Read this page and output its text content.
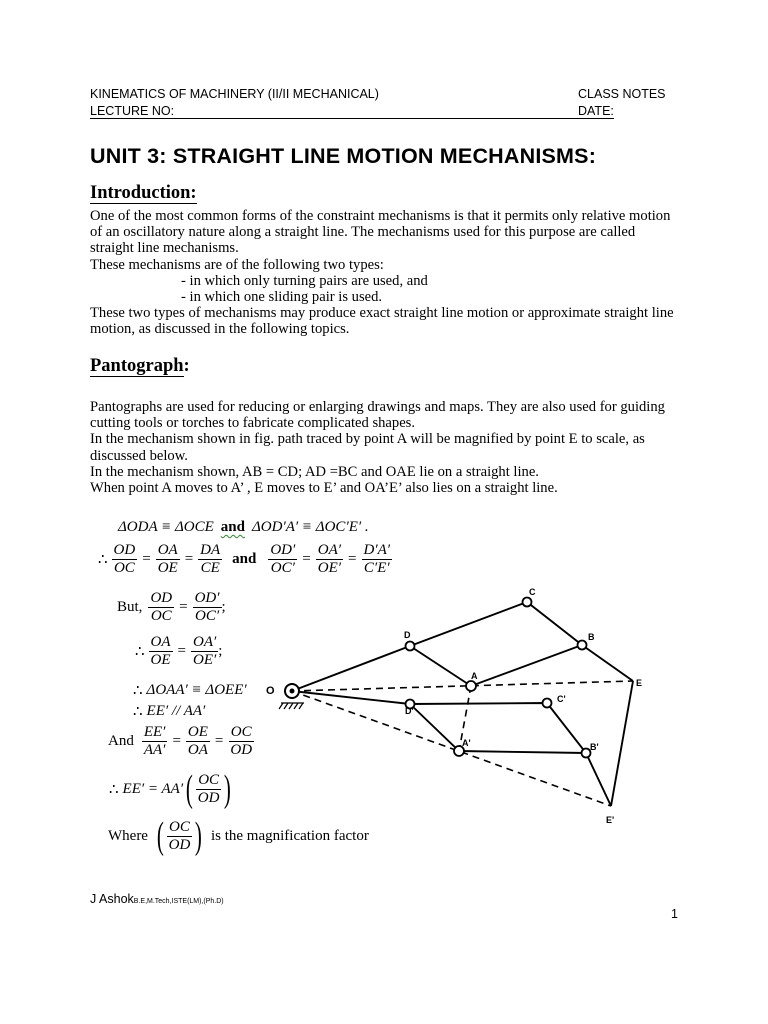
KINEMATICS OF MACHINERY (II/II MECHANICAL)	CLASS NOTES
LECTURE NO:	DATE:
UNIT 3: STRAIGHT LINE MOTION MECHANISMS:
Introduction:

One of the most common forms of the constraint mechanisms is that it permits only relative motion of an oscillatory nature along a straight line. The mechanisms used for this purpose are called straight line mechanisms.

These mechanisms are of the following two types:

- in which only turning pairs are used, and

- in which one sliding pair is used.

These two types of mechanisms may produce exact straight line motion or approximate straight line motion, as discussed in the following topics.

Pantograph:

Pantographs are used for reducing or enlarging drawings and maps. They are also used for guiding cutting tools or torches to fabricate complicated shapes.

In the mechanism shown in fig. path traced by point A will be magnified by point E to scale, as discussed below.

In the mechanism shown, AB = CD; AD =BC and OAE lie on a straight line.

When point A moves to A’ , E moves to E’ and OA’E’ also lies on a straight line.

ΔODA ≡ ΔOCE and ΔOD′A′ ≡ ΔOC′E′ .
∴ $\frac{OD}{OC} = \frac{OA}{OE} = \frac{DA}{CE}$ and $\frac{OD'}{OC'} = \frac{OA'}{OE'} = \frac{D'A'}{C'E'}$
But, $\frac{OD}{OC} = \frac{OD'}{OC'}$ ;
∴ $\frac{OA}{OE} = \frac{OA'}{OE'}$ ;
∴ ΔOAA′ ≡ ΔOEE′
∴ EE′ // AA′
And $\frac{EE'}{AA'} = \frac{OE}{OA} = \frac{OC}{OD}$
∴ EE′ = AA′ ( $\frac{OC}{OD}$ )
Where ( $\frac{OC}{OD}$ ) is the magnification factor
O
D
C
B
A
E
D'
C'
A'	B'
E'
J AshokB.E,M.Tech,ISTE(LM),(Ph.D)
1
